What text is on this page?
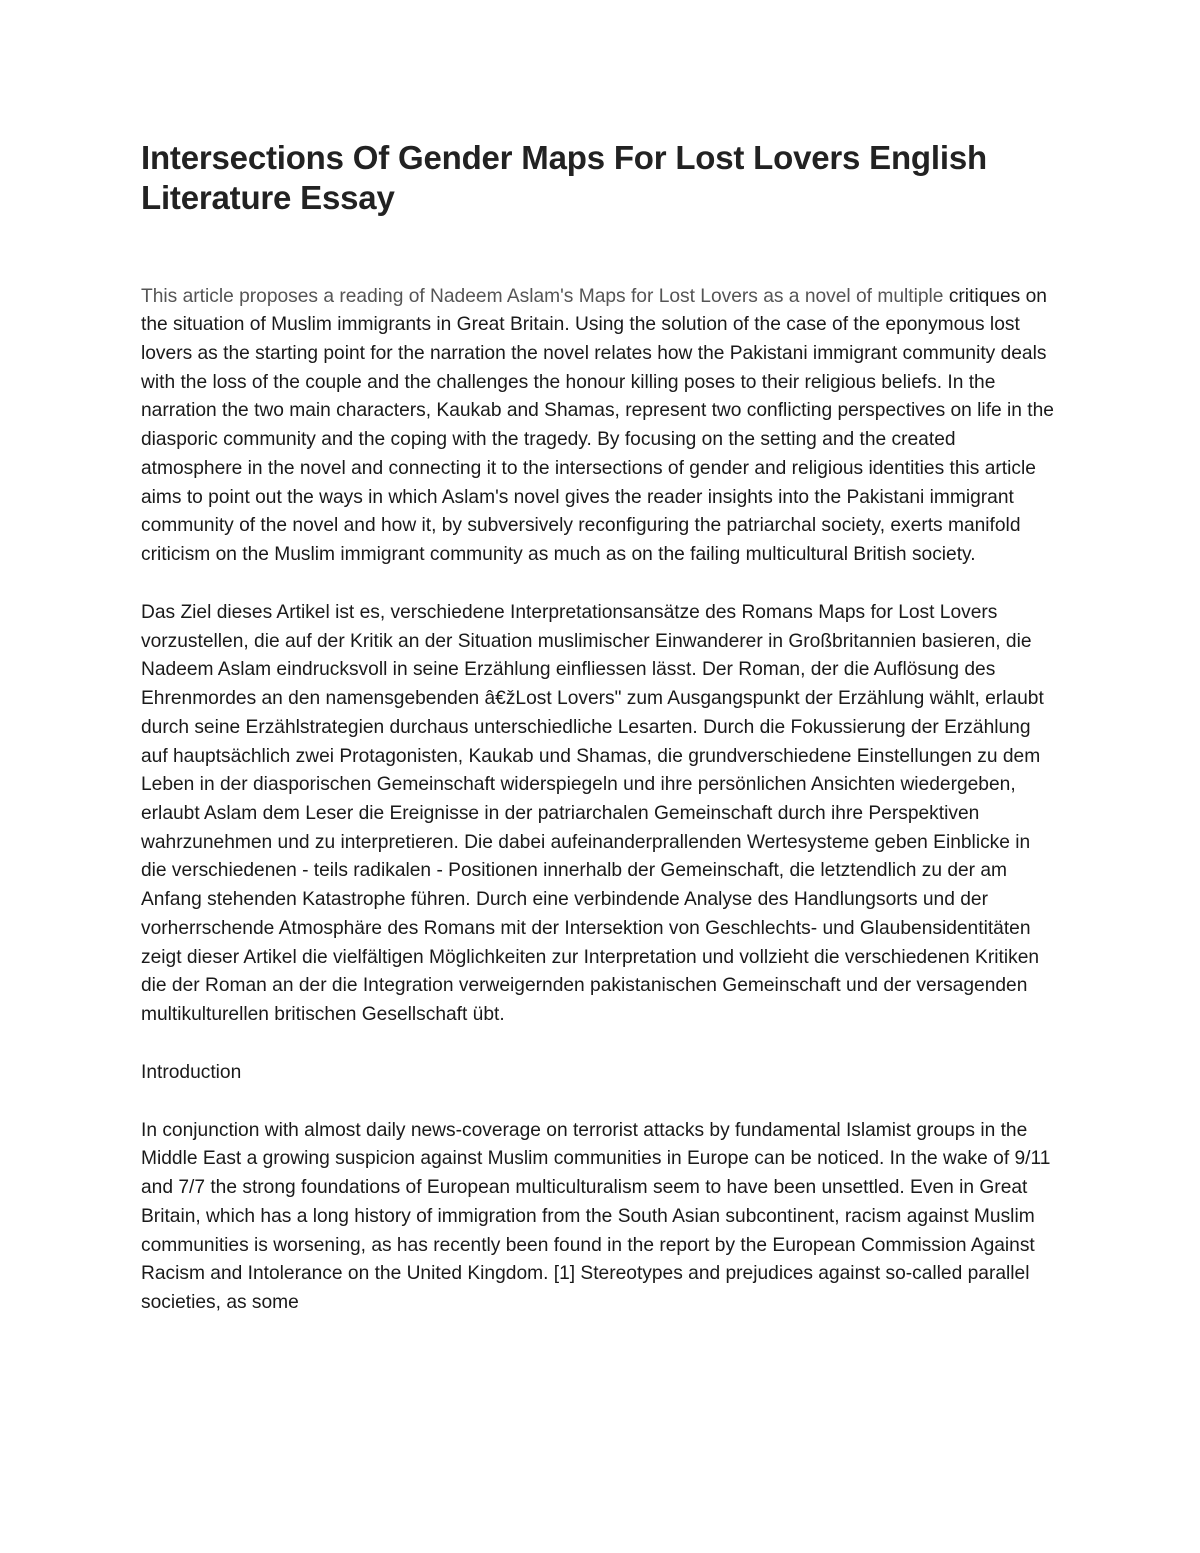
Intersections Of Gender Maps For Lost Lovers English Literature Essay

This article proposes a reading of Nadeem Aslam's Maps for Lost Lovers as a novel of multiple critiques on the situation of Muslim immigrants in Great Britain. Using the solution of the case of the eponymous lost lovers as the starting point for the narration the novel relates how the Pakistani immigrant community deals with the loss of the couple and the challenges the honour killing poses to their religious beliefs. In the narration the two main characters, Kaukab and Shamas, represent two conflicting perspectives on life in the diasporic community and the coping with the tragedy. By focusing on the setting and the created atmosphere in the novel and connecting it to the intersections of gender and religious identities this article aims to point out the ways in which Aslam's novel gives the reader insights into the Pakistani immigrant community of the novel and how it, by subversively reconfiguring the patriarchal society, exerts manifold criticism on the Muslim immigrant community as much as on the failing multicultural British society.

Das Ziel dieses Artikel ist es, verschiedene Interpretationsansätze des Romans Maps for Lost Lovers vorzustellen, die auf der Kritik an der Situation muslimischer Einwanderer in Großbritannien basieren, die Nadeem Aslam eindrucksvoll in seine Erzählung einfliessen lässt. Der Roman, der die Auflösung des Ehrenmordes an den namensgebenden â€žLost Lovers" zum Ausgangspunkt der Erzählung wählt, erlaubt durch seine Erzählstrategien durchaus unterschiedliche Lesarten. Durch die Fokussierung der Erzählung auf hauptsächlich zwei Protagonisten, Kaukab und Shamas, die grundverschiedene Einstellungen zu dem Leben in der diasporischen Gemeinschaft widerspiegeln und ihre persönlichen Ansichten wiedergeben, erlaubt Aslam dem Leser die Ereignisse in der patriarchalen Gemeinschaft durch ihre Perspektiven wahrzunehmen und zu interpretieren. Die dabei aufeinanderprallenden Wertesysteme geben Einblicke in die verschiedenen - teils radikalen - Positionen innerhalb der Gemeinschaft, die letztendlich zu der am Anfang stehenden Katastrophe führen. Durch eine verbindende Analyse des Handlungsorts und der vorherrschende Atmosphäre des Romans mit der Intersektion von Geschlechts- und Glaubensidentitäten zeigt dieser Artikel die vielfältigen Möglichkeiten zur Interpretation und vollzieht die verschiedenen Kritiken die der Roman an der die Integration verweigernden pakistanischen Gemeinschaft und der versagenden multikulturellen britischen Gesellschaft übt.

Introduction

In conjunction with almost daily news-coverage on terrorist attacks by fundamental Islamist groups in the Middle East a growing suspicion against Muslim communities in Europe can be noticed. In the wake of 9/11 and 7/7 the strong foundations of European multiculturalism seem to have been unsettled. Even in Great Britain, which has a long history of immigration from the South Asian subcontinent, racism against Muslim communities is worsening, as has recently been found in the report by the European Commission Against Racism and Intolerance on the United Kingdom. [1] Stereotypes and prejudices against so-called parallel societies, as some
